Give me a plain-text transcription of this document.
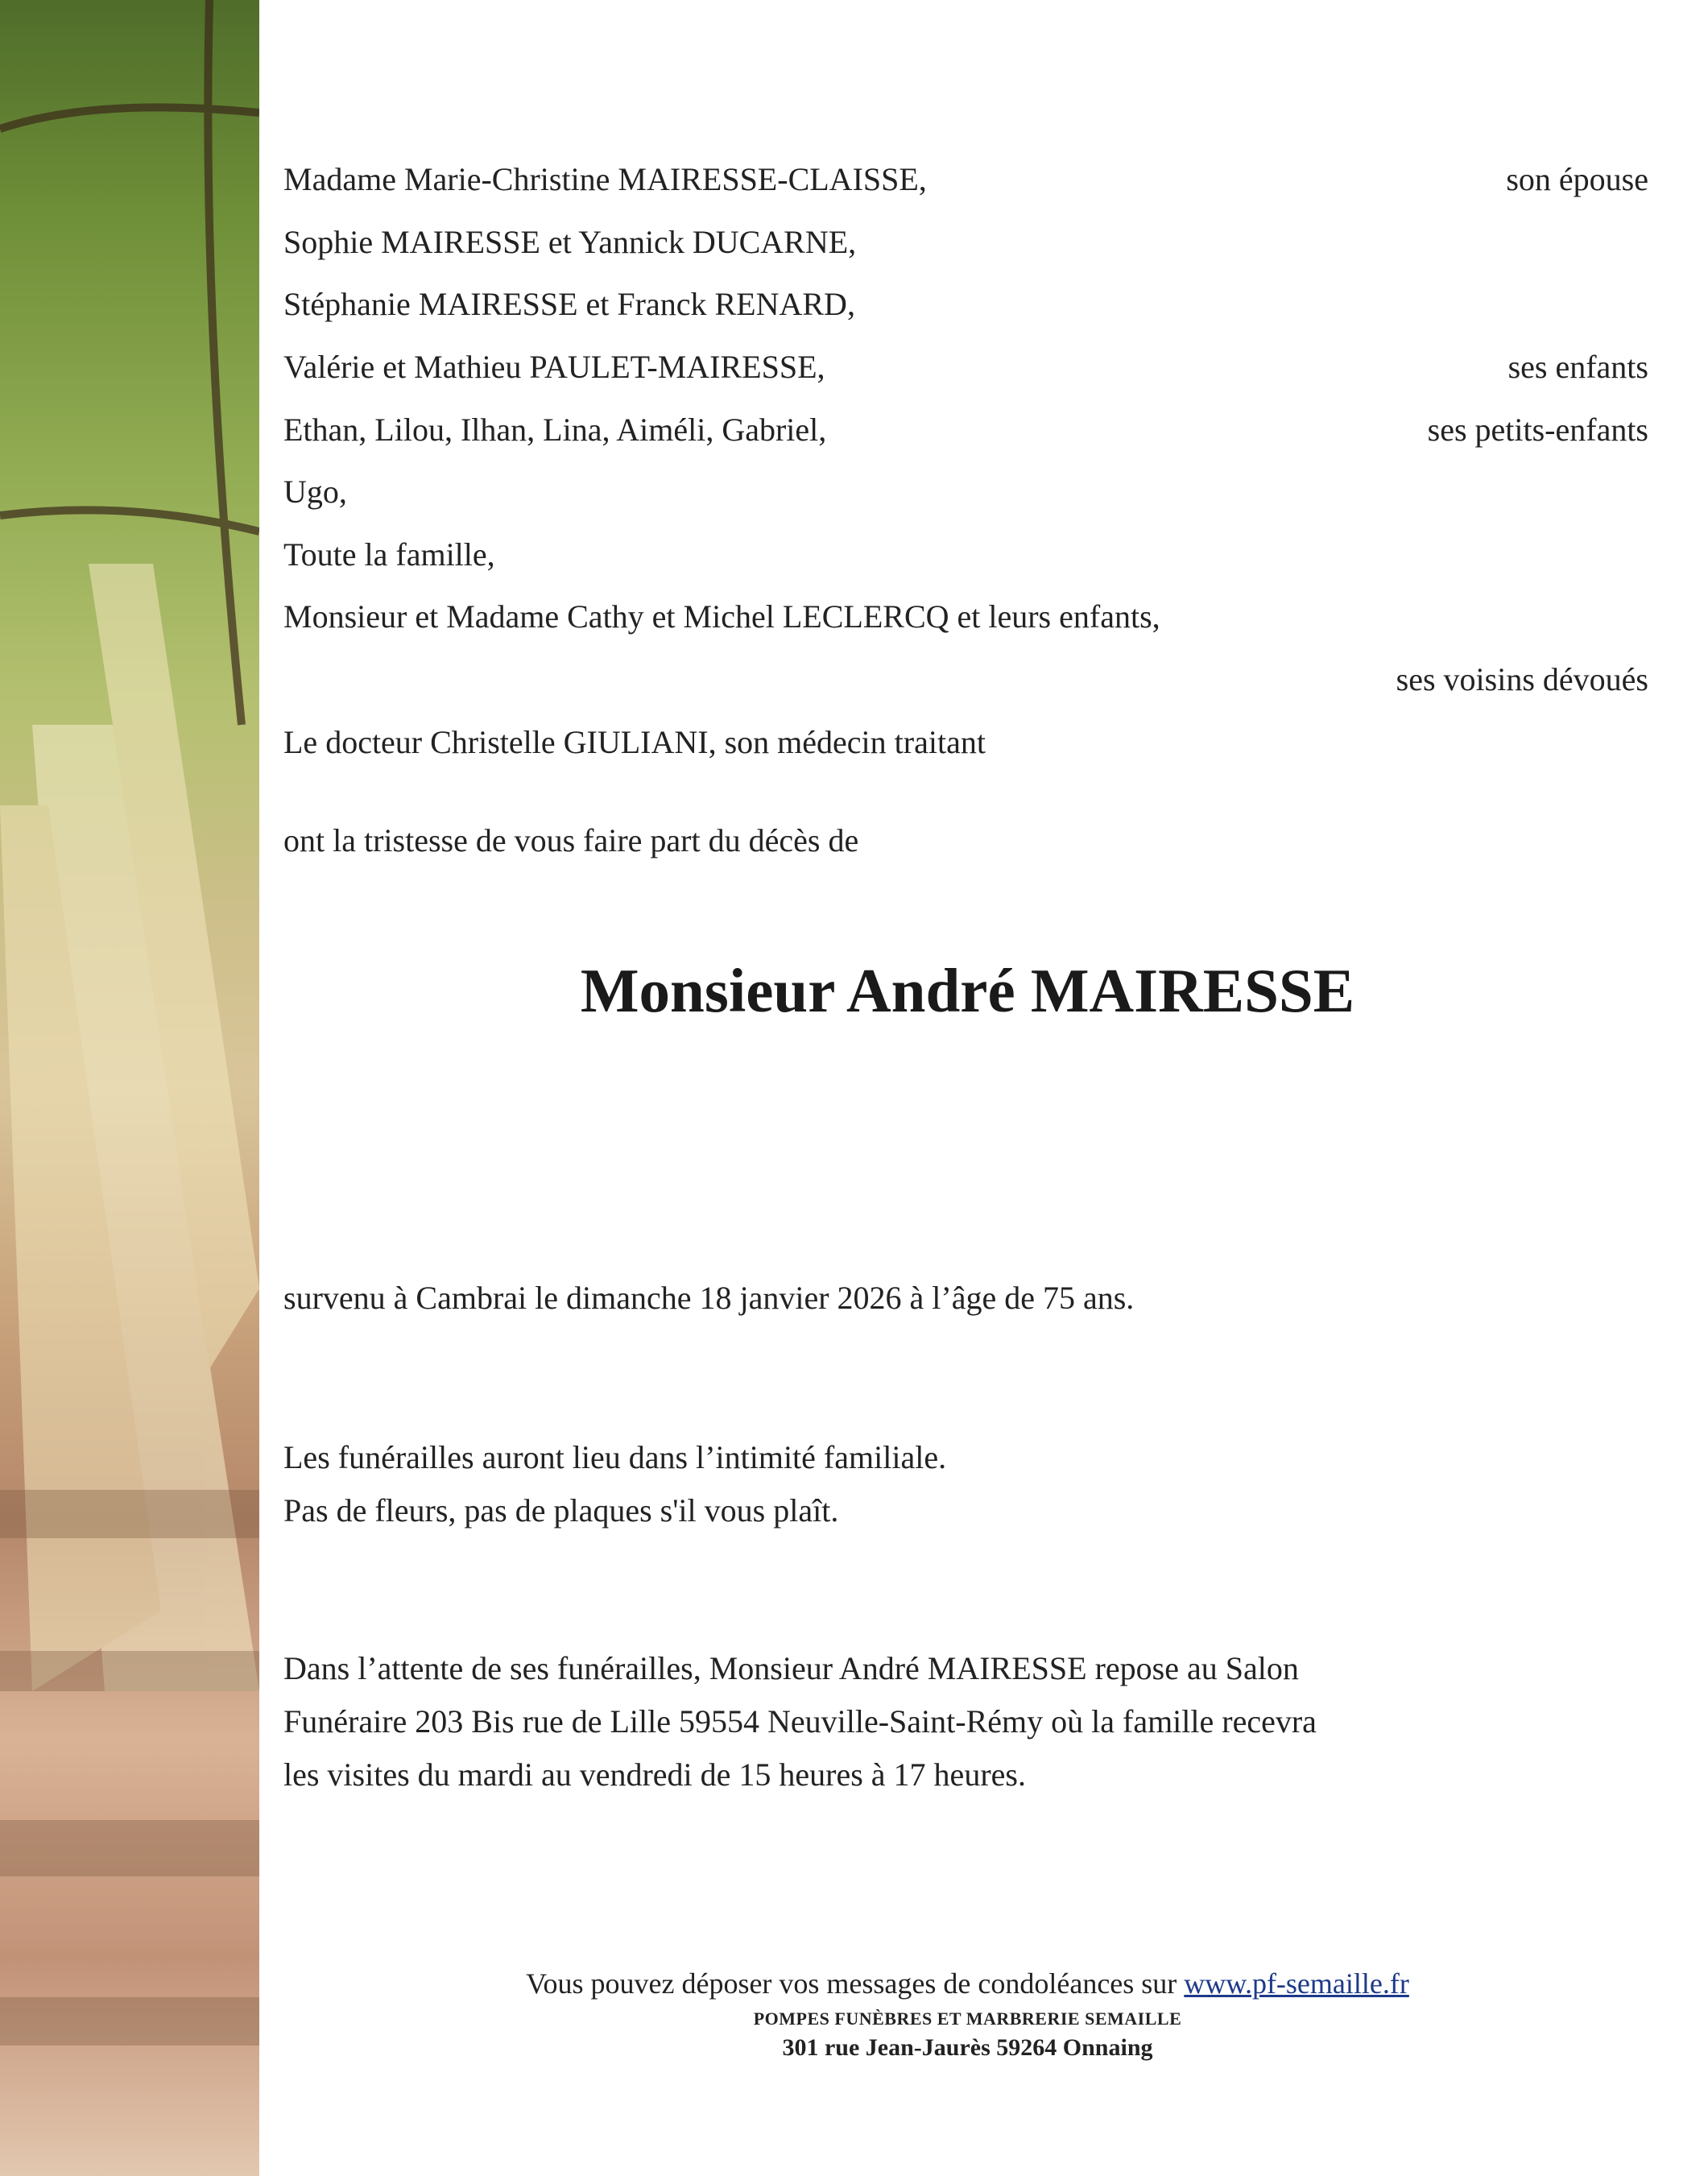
Madame Marie-Christine MAIRESSE-CLAISSE,	son épouse
Sophie MAIRESSE et Yannick DUCARNE,	
Stéphanie MAIRESSE et Franck RENARD,	
Valérie et Mathieu PAULET-MAIRESSE,	ses enfants
Ethan, Lilou, Ilhan, Lina, Aiméli, Gabriel,	ses petits-enfants
Ugo,	
Toute la famille,	
Monsieur et Madame Cathy et Michel LECLERCQ et leurs enfants,	
	ses voisins dévoués
Le docteur Christelle GIULIANI, son médecin traitant	

ont la tristesse de vous faire part du décès de

Monsieur André MAIRESSE

survenu à Cambrai le dimanche 18 janvier 2026 à l’âge de 75 ans.

Les funérailles auront lieu dans l’intimité familiale.
Pas de fleurs, pas de plaques s'il vous plaît.

Dans l’attente de ses funérailles, Monsieur André MAIRESSE repose au Salon
Funéraire 203 Bis rue de Lille 59554 Neuville-Saint-Rémy où la famille recevra
les visites du mardi au vendredi de 15 heures à 17 heures.

Vous pouvez déposer vos messages de condoléances sur www.pf-semaille.fr

POMPES FUNÈBRES ET MARBRERIE SEMAILLE

301 rue Jean-Jaurès 59264 Onnaing
